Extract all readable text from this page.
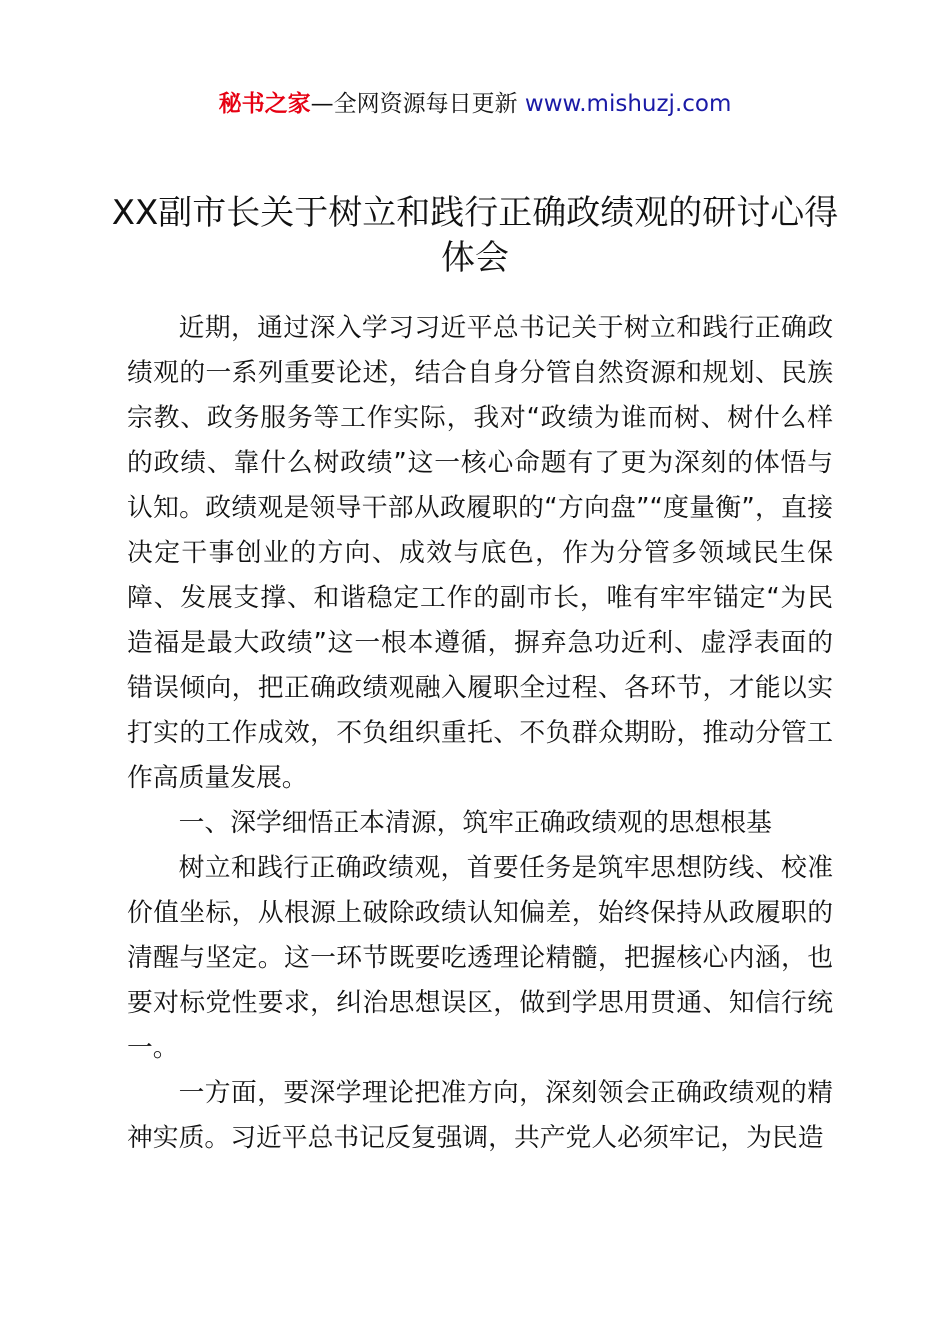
秘书之家—全网资源每日更新 www.mishuzj.com
XX副市长关于树立和践行正确政绩观的研讨心得体会

近期，通过深入学习习近平总书记关于树立和践行正确政绩观的一系列重要论述，结合自身分管自然资源和规划、民族宗教、政务服务等工作实际，我对“政绩为谁而树、树什么样的政绩、靠什么树政绩”这一核心命题有了更为深刻的体悟与认知。政绩观是领导干部从政履职的“方向盘”“度量衡”，直接决定干事创业的方向、成效与底色，作为分管多领域民生保障、发展支撑、和谐稳定工作的副市长，唯有牢牢锚定“为民造福是最大政绩”这一根本遵循，摒弃急功近利、虚浮表面的错误倾向，把正确政绩观融入履职全过程、各环节，才能以实打实的工作成效，不负组织重托、不负群众期盼，推动分管工作高质量发展。

一、深学细悟正本清源，筑牢正确政绩观的思想根基

树立和践行正确政绩观，首要任务是筑牢思想防线、校准价值坐标，从根源上破除政绩认知偏差，始终保持从政履职的清醒与坚定。这一环节既要吃透理论精髓，把握核心内涵，也要对标党性要求，纠治思想误区，做到学思用贯通、知信行统一。

一方面，要深学理论把准方向，深刻领会正确政绩观的精神实质。习近平总书记反复强调，共产党人必须牢记，为民造
